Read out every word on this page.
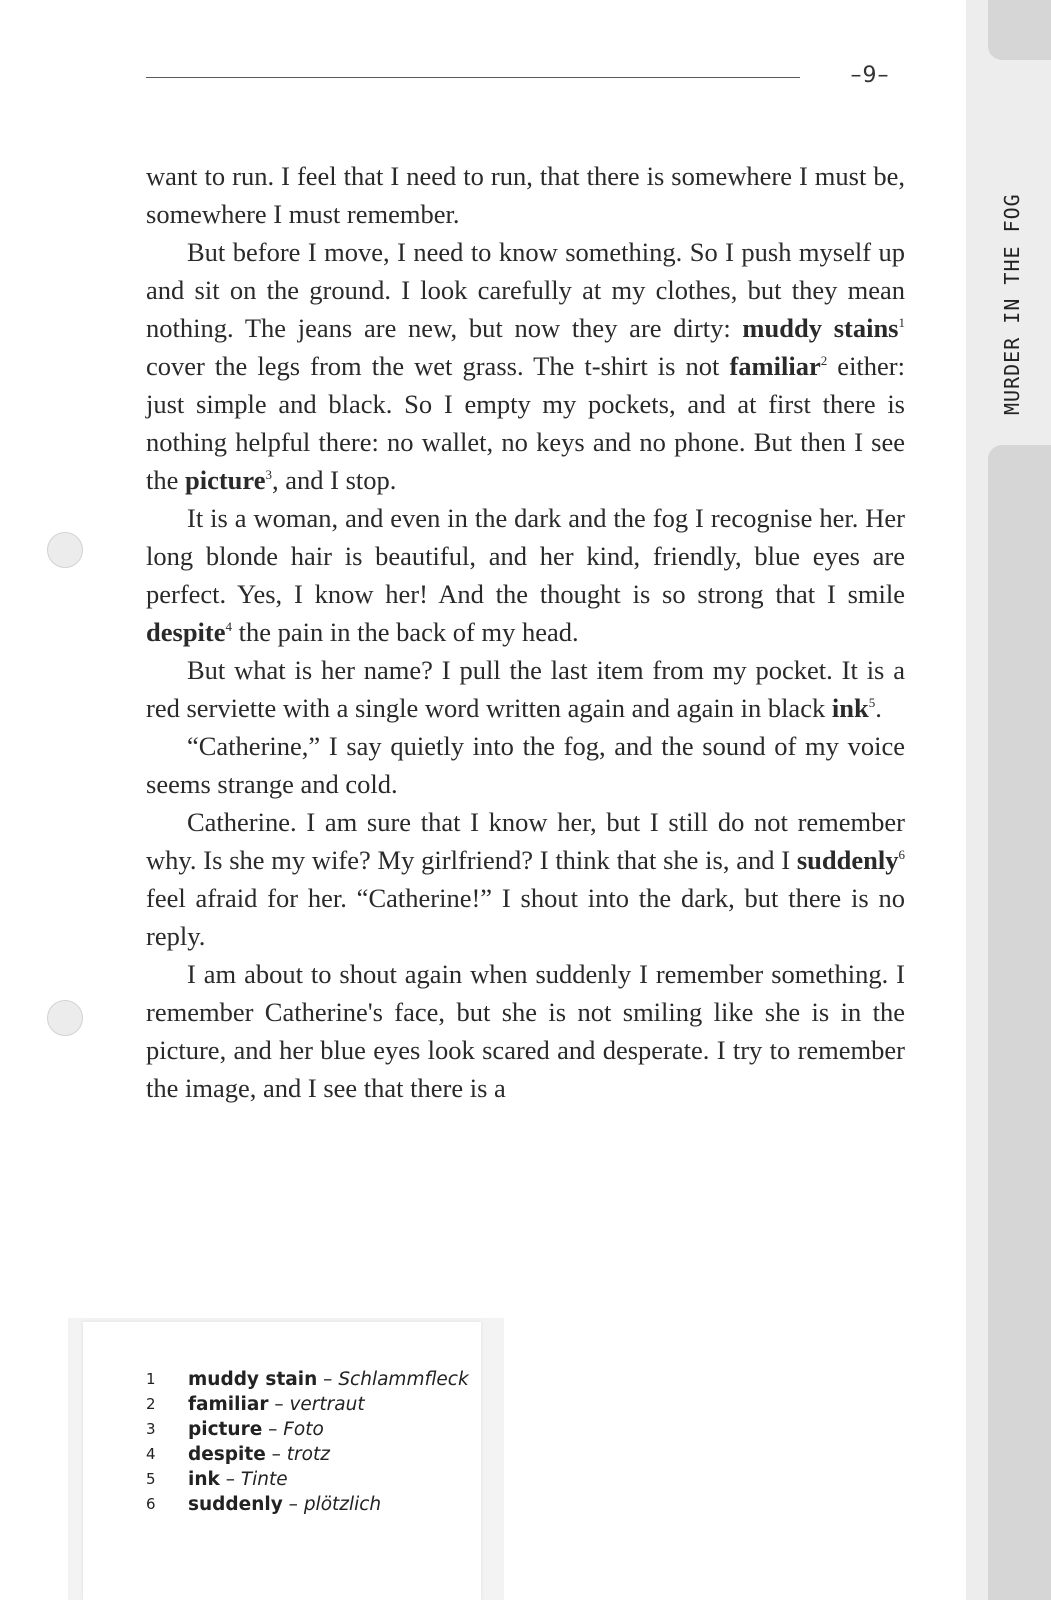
MURDER IN THE FOG
–9–

want to run. I feel that I need to run, that there is somewhere I must be, somewhere I must remember.

But before I move, I need to know something. So I push myself up and sit on the ground. I look carefully at my clothes, but they mean nothing. The jeans are new, but now they are dirty: muddy stains$^1$ cover the legs from the wet grass. The t-shirt is not familiar$^2$ either: just simple and black. So I empty my pockets, and at first there is nothing helpful there: no wallet, no keys and no phone. But then I see the picture$^3$, and I stop.

It is a woman, and even in the dark and the fog I recognise her. Her long blonde hair is beautiful, and her kind, friendly, blue eyes are perfect. Yes, I know her! And the thought is so strong that I smile despite$^4$ the pain in the back of my head.

But what is her name? I pull the last item from my pocket. It is a red serviette with a single word written again and again in black ink$^5$.

“Catherine,” I say quietly into the fog, and the sound of my voice seems strange and cold.

Catherine. I am sure that I know her, but I still do not remember why. Is she my wife? My girlfriend? I think that she is, and I suddenly$^6$ feel afraid for her. “Catherine!” I shout into the dark, but there is no reply.

I am about to shout again when suddenly I remember something. I remember Catherine's face, but she is not smiling like she is in the picture, and her blue eyes look scared and desperate. I try to remember the image, and I see that there is a

1	muddy stain – Schlammfleck
2	familiar – vertraut
3	picture – Foto
4	despite – trotz
5	ink – Tinte
6	suddenly – plötzlich
